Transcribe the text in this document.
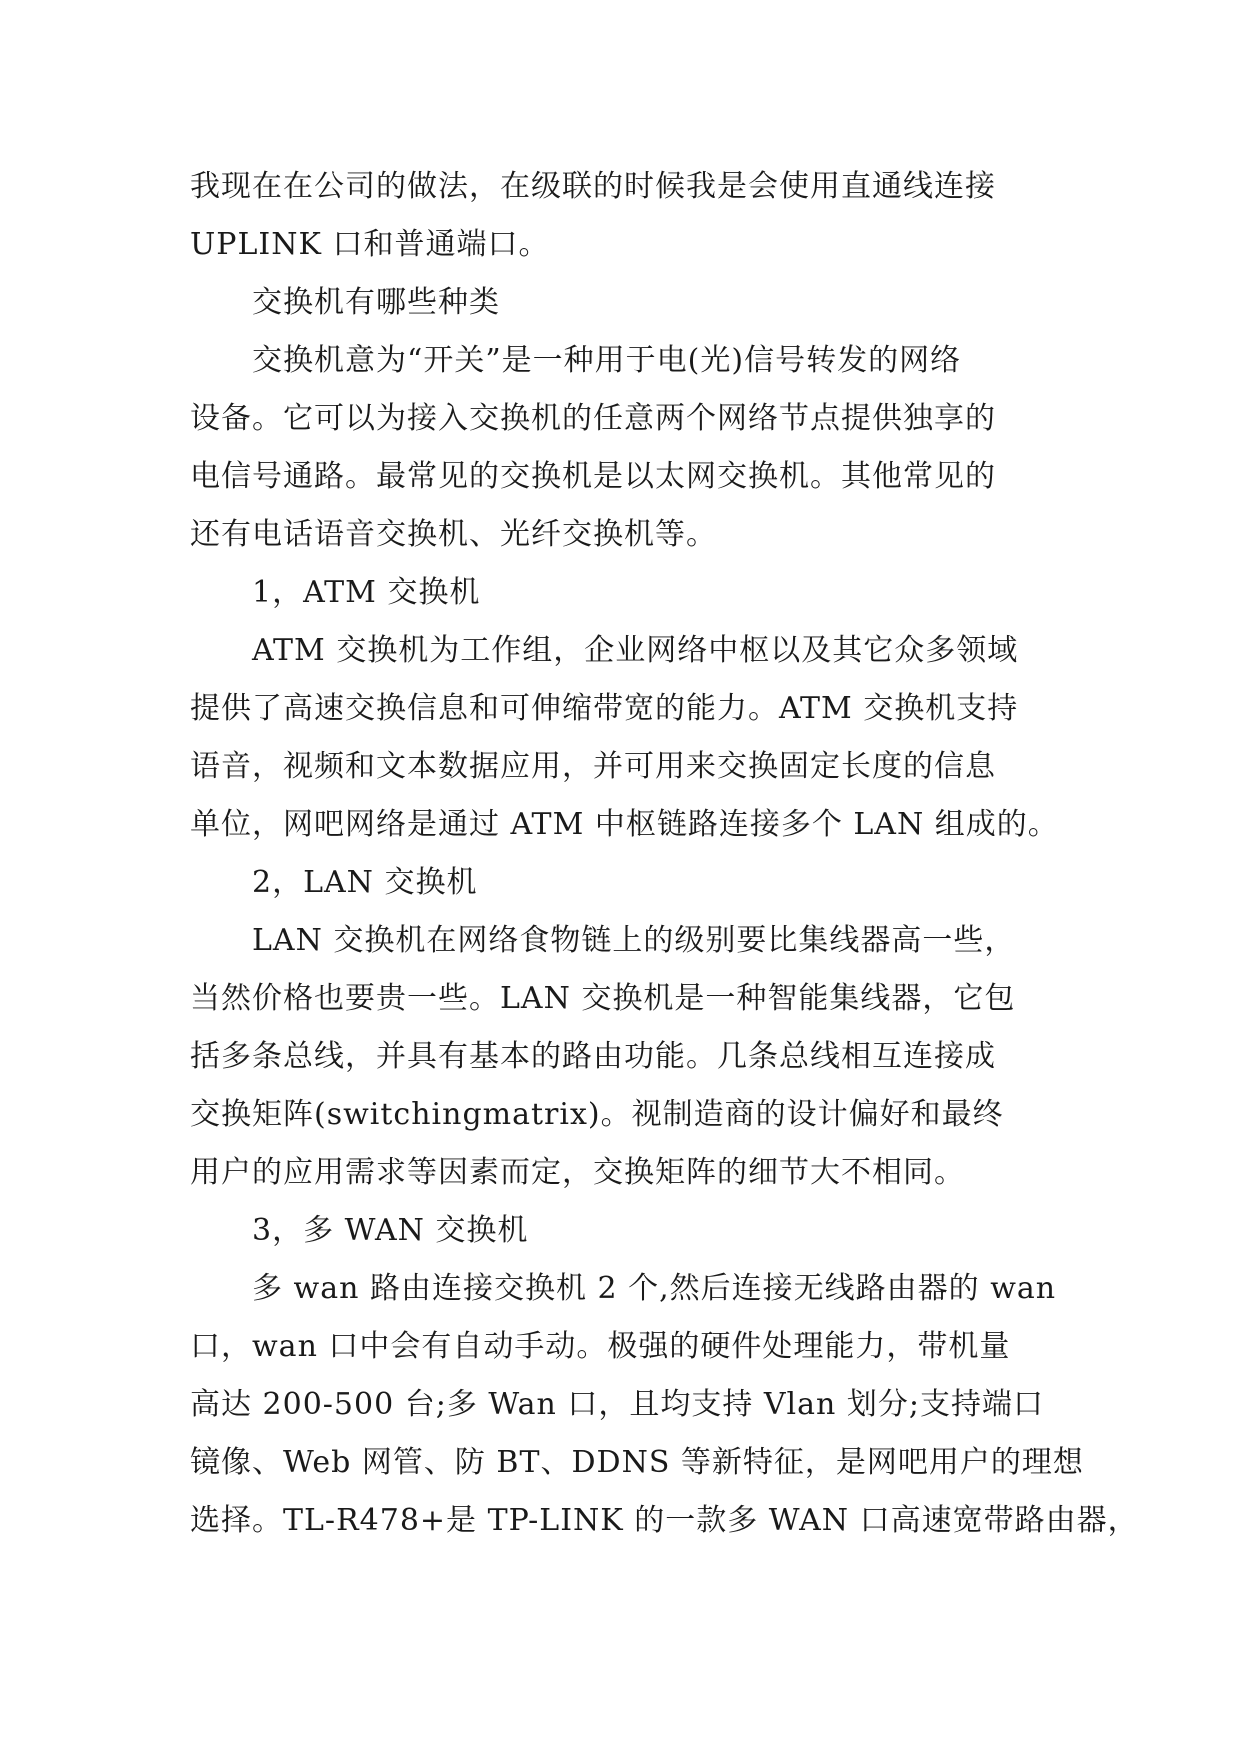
我现在在公司的做法，在级联的时候我是会使用直通线连接
UPLINK 口和普通端口。
交换机有哪些种类
交换机意为“开关”是一种用于电(光)信号转发的网络
设备。它可以为接入交换机的任意两个网络节点提供独享的
电信号通路。最常见的交换机是以太网交换机。其他常见的
还有电话语音交换机、光纤交换机等。
1，ATM 交换机
ATM 交换机为工作组，企业网络中枢以及其它众多领域
提供了高速交换信息和可伸缩带宽的能力。ATM 交换机支持
语音，视频和文本数据应用，并可用来交换固定长度的信息
单位，网吧网络是通过 ATM 中枢链路连接多个 LAN 组成的。
2，LAN 交换机
LAN 交换机在网络食物链上的级别要比集线器高一些，
当然价格也要贵一些。LAN 交换机是一种智能集线器，它包
括多条总线，并具有基本的路由功能。几条总线相互连接成
交换矩阵(switchingmatrix)。视制造商的设计偏好和最终
用户的应用需求等因素而定，交换矩阵的细节大不相同。
3，多 WAN 交换机
多 wan 路由连接交换机 2 个,然后连接无线路由器的 wan
口，wan 口中会有自动手动。极强的硬件处理能力，带机量
高达 200-500 台;多 Wan 口，且均支持 Vlan 划分;支持端口
镜像、Web 网管、防 BT、DDNS 等新特征，是网吧用户的理想
选择。TL-R478+是 TP-LINK 的一款多 WAN 口高速宽带路由器，
